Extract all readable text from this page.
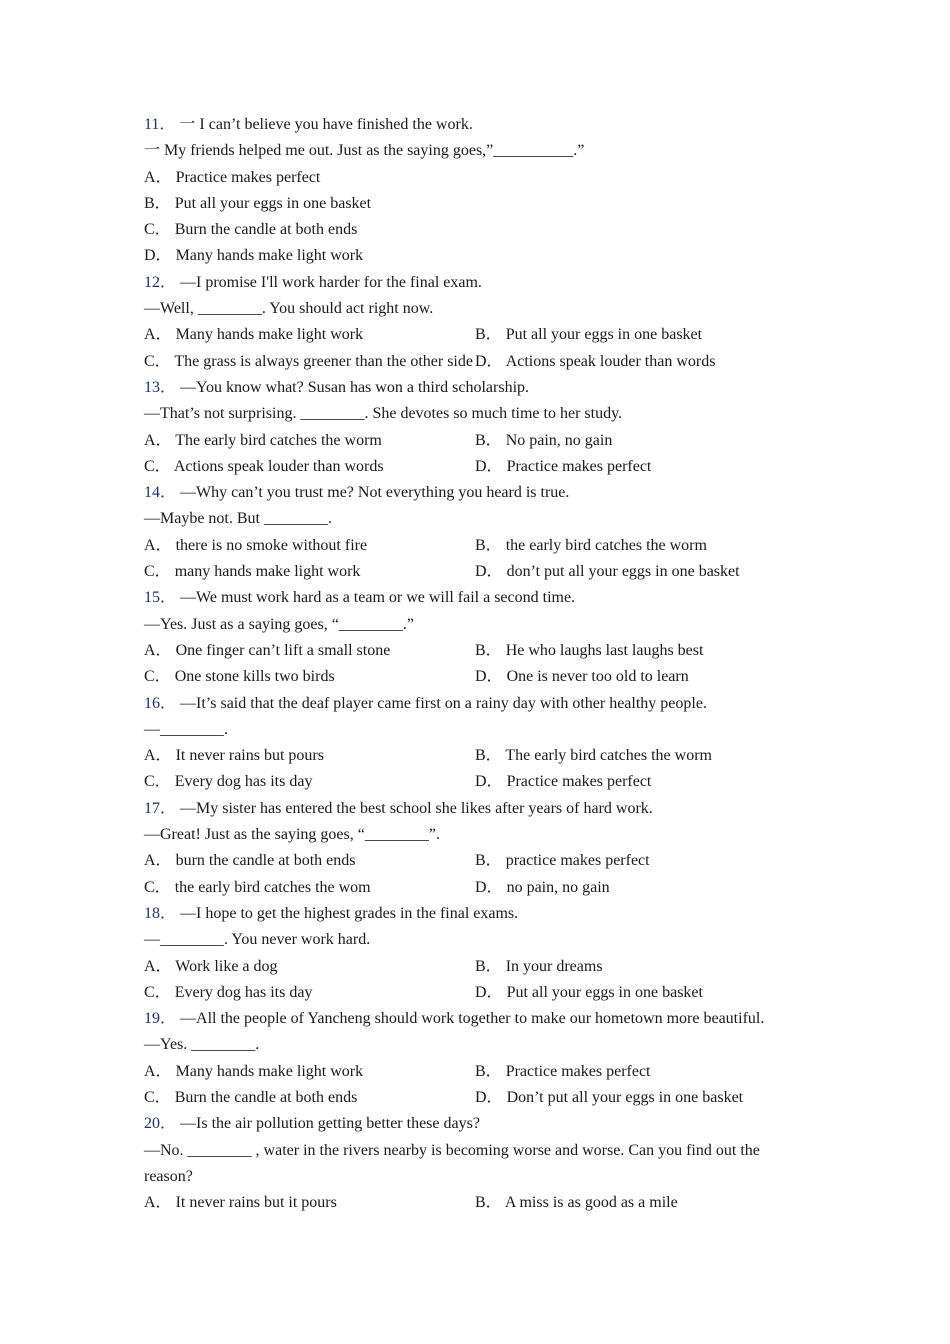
11． 一 I can’t believe you have finished the work.
一 My friends helped me out. Just as the saying goes,”__________.”
A． Practice makes perfect
B． Put all your eggs in one basket
C． Burn the candle at both ends
D． Many hands make light work
12． —I promise I'll work harder for the final exam.
—Well, ________. You should act right now.
A． Many hands make light work	B． Put all your eggs in one basket
C． The grass is always greener than the other side D． Actions speak louder than words
13． —You know what? Susan has won a third scholarship.
—That’s not surprising. ________. She devotes so much time to her study.
A． The early bird catches the worm	B． No pain, no gain
C． Actions speak louder than words	D． Practice makes perfect
14． —Why can’t you trust me? Not everything you heard is true.
—Maybe not. But ________.
A． there is no smoke without fire	B． the early bird catches the worm
C． many hands make light work	D． don’t put all your eggs in one basket
15． —We must work hard as a team or we will fail a second time.
—Yes. Just as a saying goes, “________.”
A． One finger can’t lift a small stone	B． He who laughs last laughs best
C． One stone kills two birds	D． One is never too old to learn
16． —It’s said that the deaf player came first on a rainy day with other healthy people.
—________.
A． It never rains but pours	B． The early bird catches the worm
C． Every dog has its day	D． Practice makes perfect
17． —My sister has entered the best school she likes after years of hard work.
—Great! Just as the saying goes, “________”.
A． burn the candle at both ends	B． practice makes perfect
C． the early bird catches the wom	D． no pain, no gain
18． —I hope to get the highest grades in the final exams.
—________. You never work hard.
A． Work like a dog	B． In your dreams
C． Every dog has its day	D． Put all your eggs in one basket
19． —All the people of Yancheng should work together to make our hometown more beautiful.
—Yes. ________.
A． Many hands make light work	B． Practice makes perfect
C． Burn the candle at both ends	D． Don’t put all your eggs in one basket
20． —Is the air pollution getting better these days?
—No. ________ , water in the rivers nearby is becoming worse and worse. Can you find out the reason?
A． It never rains but it pours	B． A miss is as good as a mile
